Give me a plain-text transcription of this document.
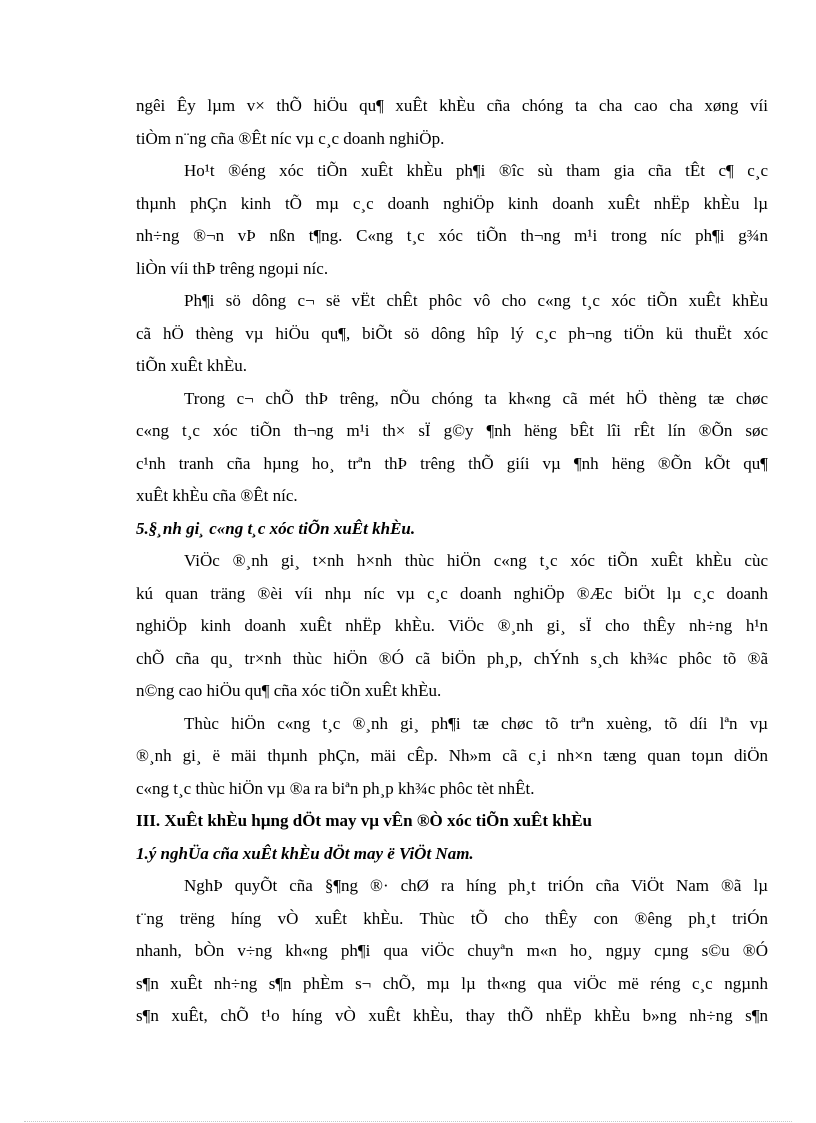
ngêi Êy lµm v× thÕ hiÖu qu¶ xuÊt khÈu cña chóng ta cha cao cha xøng víi
tiÒm n¨ng cña ®Êt níc vµ c¸c doanh nghiÖp.
Ho¹t ®éng xóc tiÕn xuÊt khÈu ph¶i ®îc sù tham gia cña tÊt c¶ c¸c
thµnh phÇn kinh tÕ mµ c¸c doanh nghiÖp kinh doanh xuÊt nhËp khÈu lµ
nh÷ng ®¬n vÞ nßn t¶ng. C«ng t¸c xóc tiÕn th¬ng m¹i trong níc ph¶i g¾n
liÒn víi thÞ trêng ngoµi níc.
Ph¶i sö dông c¬ së vËt chÊt phôc vô cho c«ng t¸c xóc tiÕn xuÊt khÈu
cã hÖ thèng vµ hiÖu qu¶, biÕt sö dông hîp lý c¸c ph¬ng tiÖn kü thuËt xóc
tiÕn xuÊt khÈu.
Trong c¬ chÕ thÞ trêng, nÕu chóng ta kh«ng cã mét hÖ thèng tæ chøc
c«ng t¸c xóc tiÕn th¬ng m¹i th× sÏ g©y ¶nh hëng bÊt lîi rÊt lín ®Õn søc
c¹nh tranh cña hµng ho¸ trªn thÞ trêng thÕ giíi vµ ¶nh hëng ®Õn kÕt qu¶
xuÊt khÈu cña ®Êt níc.
5.§¸nh gi¸ c«ng t¸c xóc tiÕn xuÊt khÈu.
ViÖc ®¸nh gi¸ t×nh h×nh thùc hiÖn c«ng t¸c xóc tiÕn xuÊt khÈu cùc
kú quan träng ®èi víi nhµ níc vµ c¸c doanh nghiÖp ®Æc biÖt lµ c¸c doanh
nghiÖp kinh doanh xuÊt nhËp khÈu. ViÖc ®¸nh gi¸ sÏ cho thÊy nh÷ng h¹n
chÕ cña qu¸ tr×nh thùc hiÖn ®Ó cã biÖn ph¸p, chÝnh s¸ch kh¾c phôc tõ ®ã
n©ng cao hiÖu qu¶ cña xóc tiÕn xuÊt khÈu.
Thùc hiÖn c«ng t¸c ®¸nh gi¸ ph¶i tæ chøc tõ trªn xuèng, tõ díi lªn vµ
®¸nh gi¸ ë mäi thµnh phÇn, mäi cÊp. Nh»m cã c¸i nh×n tæng quan toµn diÖn
c«ng t¸c thùc hiÖn vµ ®a ra biªn ph¸p kh¾c phôc tèt nhÊt.
III. XuÊt khÈu hµng dÖt may vµ vÊn ®Ò xóc tiÕn xuÊt khÈu
1.ý nghÜa cña xuÊt khÈu dÖt may ë ViÖt Nam.
NghÞ quyÕt cña §¶ng ®· chØ ra híng ph¸t triÓn cña ViÖt Nam ®ã lµ
t¨ng trëng híng vÒ xuÊt khÈu. Thùc tÕ cho thÊy con ®êng ph¸t triÓn
nhanh, bÒn v÷ng kh«ng ph¶i qua viÖc chuyªn m«n ho¸ ngµy cµng s©u ®Ó
s¶n xuÊt nh÷ng s¶n phÈm s¬ chÕ, mµ lµ th«ng qua viÖc më réng c¸c ngµnh
s¶n xuÊt, chÕ t¹o híng vÒ xuÊt khÈu, thay thÕ nhËp khÈu b»ng nh÷ng s¶n
